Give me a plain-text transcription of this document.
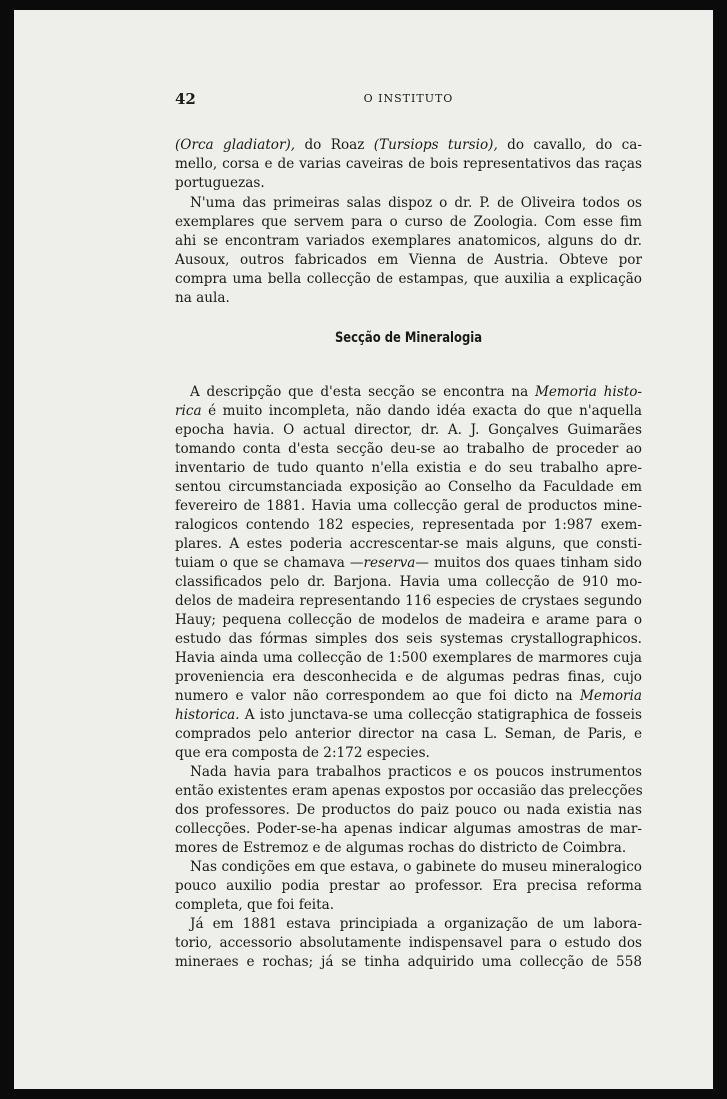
42	O INSTITUTO
(Orca gladiator), do Roaz (Tursiops tursio), do cavallo, do ca-
mello, corsa e de varias caveiras de bois representativos das raças
portuguezas.
N'uma das primeiras salas dispoz o dr. P. de Oliveira todos os
exemplares que servem para o curso de Zoologia. Com esse fim
ahi se encontram variados exemplares anatomicos, alguns do dr.
Ausoux, outros fabricados em Vienna de Austria. Obteve por
compra uma bella collecção de estampas, que auxilia a explicação
na aula.
Secção de Mineralogia
A descripção que d'esta secção se encontra na Memoria histo-
rica é muito incompleta, não dando idéa exacta do que n'aquella
epocha havia. O actual director, dr. A. J. Gonçalves Guimarães
tomando conta d'esta secção deu-se ao trabalho de proceder ao
inventario de tudo quanto n'ella existia e do seu trabalho apre-
sentou circumstanciada exposição ao Conselho da Faculdade em
fevereiro de 1881. Havia uma collecção geral de productos mine-
ralogicos contendo 182 especies, representada por 1:987 exem-
plares. A estes poderia accrescentar-se mais alguns, que consti-
tuiam o que se chamava —reserva— muitos dos quaes tinham sido
classificados pelo dr. Barjona. Havia uma collecção de 910 mo-
delos de madeira representando 116 especies de crystaes segundo
Hauy; pequena collecção de modelos de madeira e arame para o
estudo das fórmas simples dos seis systemas crystallographicos.
Havia ainda uma collecção de 1:500 exemplares de marmores cuja
proveniencia era desconhecida e de algumas pedras finas, cujo
numero e valor não correspondem ao que foi dicto na Memoria
historica. A isto junctava-se uma collecção statigraphica de fosseis
comprados pelo anterior director na casa L. Seman, de Paris, e
que era composta de 2:172 especies.
Nada havia para trabalhos practicos e os poucos instrumentos
então existentes eram apenas expostos por occasião das prelecções
dos professores. De productos do paiz pouco ou nada existia nas
collecções. Poder-se-ha apenas indicar algumas amostras de mar-
mores de Estremoz e de algumas rochas do districto de Coimbra.
Nas condições em que estava, o gabinete do museu mineralogico
pouco auxilio podia prestar ao professor. Era precisa reforma
completa, que foi feita.
Já em 1881 estava principiada a organização de um labora-
torio, accessorio absolutamente indispensavel para o estudo dos
mineraes e rochas; já se tinha adquirido uma collecção de 558
